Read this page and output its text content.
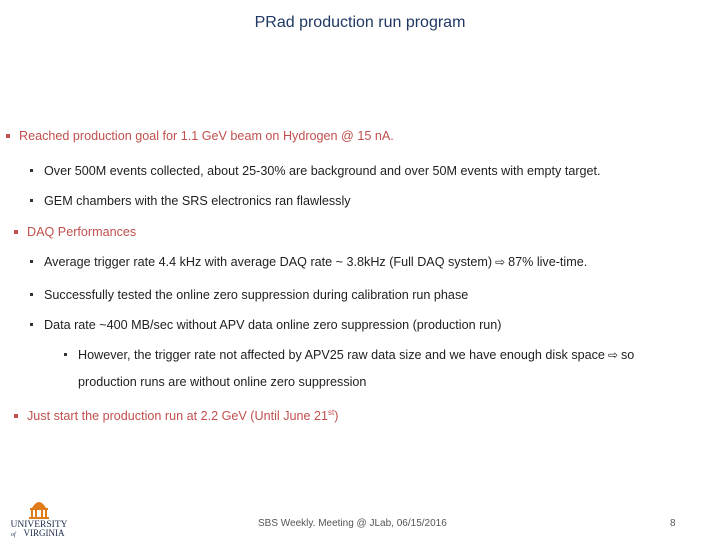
PRad production run program
Reached production goal for 1.1 GeV beam on Hydrogen @ 15 nA.
Over 500M events collected, about 25-30% are background and over 50M events with empty target.
GEM chambers with the SRS electronics ran flawlessly
DAQ Performances
Average trigger rate 4.4 kHz with average DAQ rate ~ 3.8kHz (Full DAQ system) ⇨ 87% live-time.
Successfully tested the online zero suppression during calibration run phase
Data rate ~400 MB/sec without APV data online zero suppression (production run)
However, the trigger rate not affected by APV25 raw data size and we have enough disk space ⇨ so
production runs are without online zero suppression
Just start the production run at 2.2 GeV (Until June 21st)
UNIVERSITY
of VIRGINIA
SBS Weekly. Meeting @ JLab, 06/15/2016	8
